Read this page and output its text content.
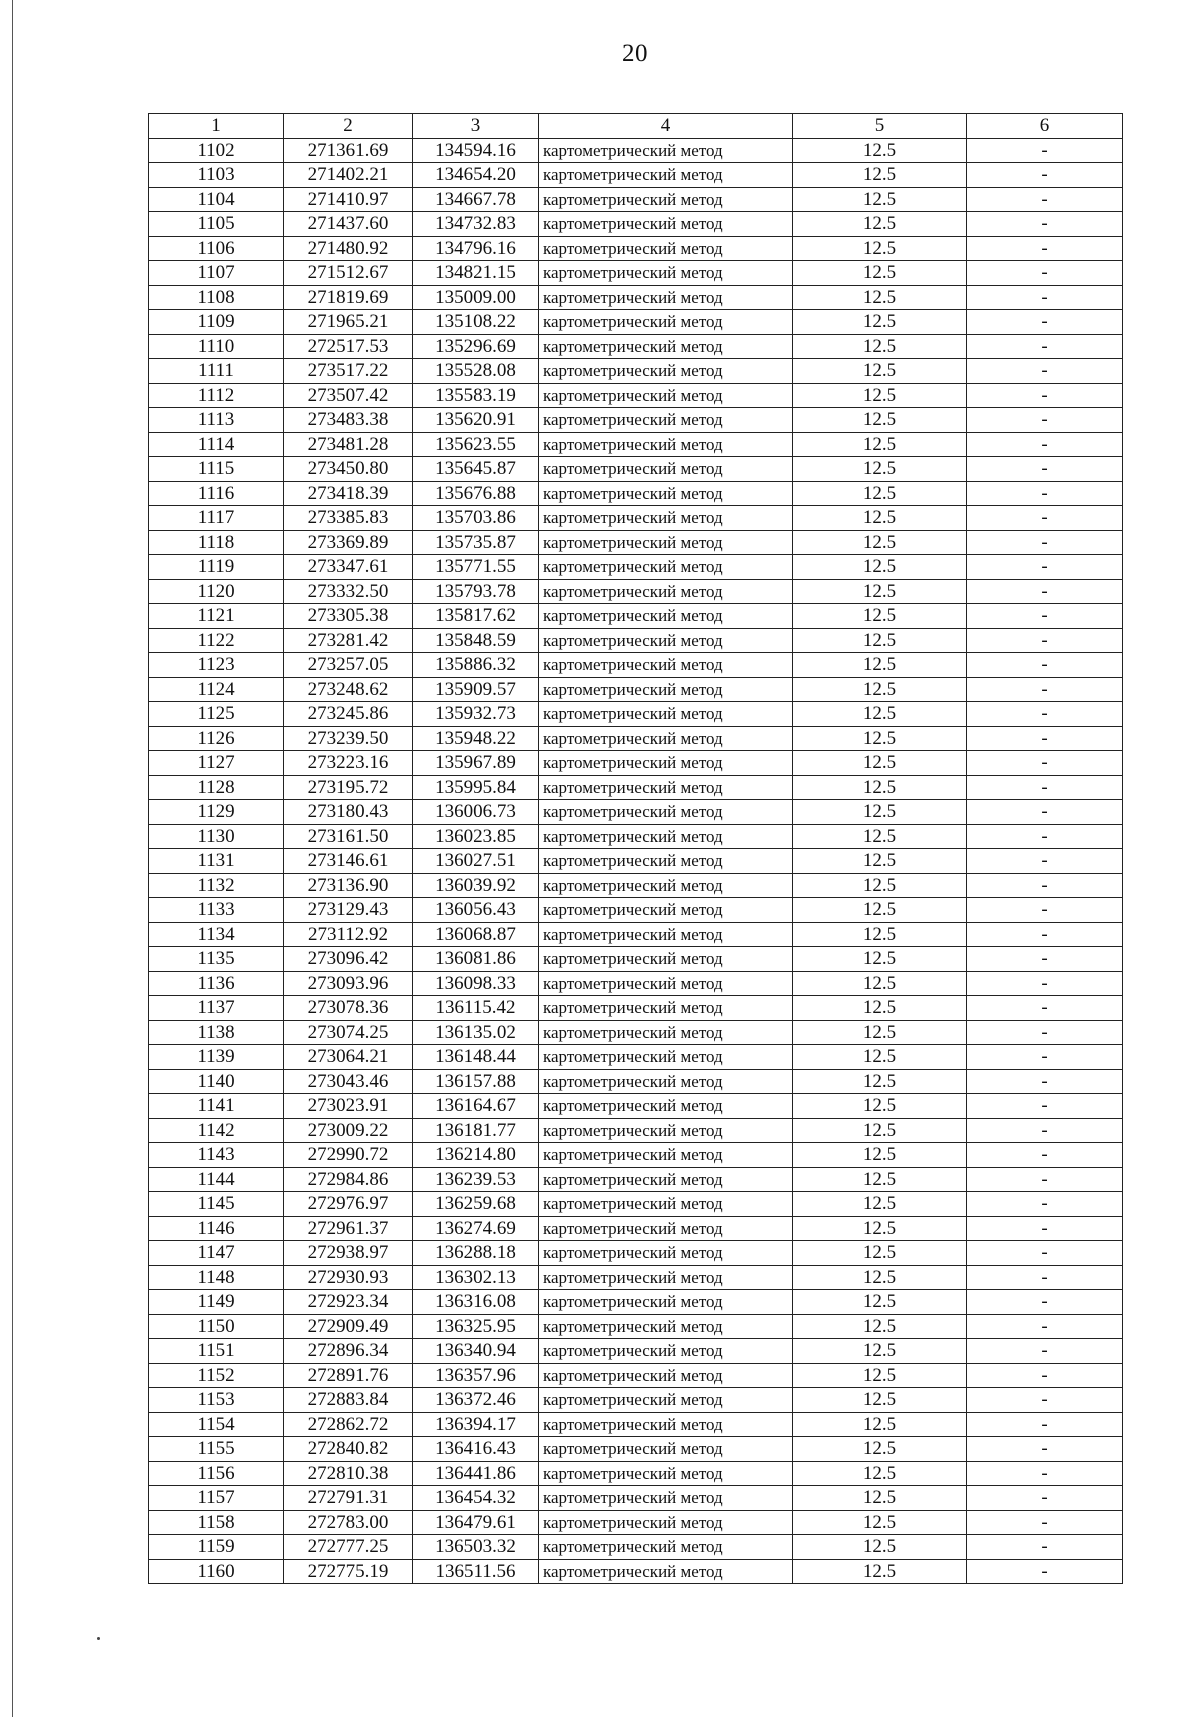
20
1	2	3	4	5	6
1102	271361.69	134594.16	картометрический метод	12.5	-
1103	271402.21	134654.20	картометрический метод	12.5	-
1104	271410.97	134667.78	картометрический метод	12.5	-
1105	271437.60	134732.83	картометрический метод	12.5	-
1106	271480.92	134796.16	картометрический метод	12.5	-
1107	271512.67	134821.15	картометрический метод	12.5	-
1108	271819.69	135009.00	картометрический метод	12.5	-
1109	271965.21	135108.22	картометрический метод	12.5	-
1110	272517.53	135296.69	картометрический метод	12.5	-
1111	273517.22	135528.08	картометрический метод	12.5	-
1112	273507.42	135583.19	картометрический метод	12.5	-
1113	273483.38	135620.91	картометрический метод	12.5	-
1114	273481.28	135623.55	картометрический метод	12.5	-
1115	273450.80	135645.87	картометрический метод	12.5	-
1116	273418.39	135676.88	картометрический метод	12.5	-
1117	273385.83	135703.86	картометрический метод	12.5	-
1118	273369.89	135735.87	картометрический метод	12.5	-
1119	273347.61	135771.55	картометрический метод	12.5	-
1120	273332.50	135793.78	картометрический метод	12.5	-
1121	273305.38	135817.62	картометрический метод	12.5	-
1122	273281.42	135848.59	картометрический метод	12.5	-
1123	273257.05	135886.32	картометрический метод	12.5	-
1124	273248.62	135909.57	картометрический метод	12.5	-
1125	273245.86	135932.73	картометрический метод	12.5	-
1126	273239.50	135948.22	картометрический метод	12.5	-
1127	273223.16	135967.89	картометрический метод	12.5	-
1128	273195.72	135995.84	картометрический метод	12.5	-
1129	273180.43	136006.73	картометрический метод	12.5	-
1130	273161.50	136023.85	картометрический метод	12.5	-
1131	273146.61	136027.51	картометрический метод	12.5	-
1132	273136.90	136039.92	картометрический метод	12.5	-
1133	273129.43	136056.43	картометрический метод	12.5	-
1134	273112.92	136068.87	картометрический метод	12.5	-
1135	273096.42	136081.86	картометрический метод	12.5	-
1136	273093.96	136098.33	картометрический метод	12.5	-
1137	273078.36	136115.42	картометрический метод	12.5	-
1138	273074.25	136135.02	картометрический метод	12.5	-
1139	273064.21	136148.44	картометрический метод	12.5	-
1140	273043.46	136157.88	картометрический метод	12.5	-
1141	273023.91	136164.67	картометрический метод	12.5	-
1142	273009.22	136181.77	картометрический метод	12.5	-
1143	272990.72	136214.80	картометрический метод	12.5	-
1144	272984.86	136239.53	картометрический метод	12.5	-
1145	272976.97	136259.68	картометрический метод	12.5	-
1146	272961.37	136274.69	картометрический метод	12.5	-
1147	272938.97	136288.18	картометрический метод	12.5	-
1148	272930.93	136302.13	картометрический метод	12.5	-
1149	272923.34	136316.08	картометрический метод	12.5	-
1150	272909.49	136325.95	картометрический метод	12.5	-
1151	272896.34	136340.94	картометрический метод	12.5	-
1152	272891.76	136357.96	картометрический метод	12.5	-
1153	272883.84	136372.46	картометрический метод	12.5	-
1154	272862.72	136394.17	картометрический метод	12.5	-
1155	272840.82	136416.43	картометрический метод	12.5	-
1156	272810.38	136441.86	картометрический метод	12.5	-
1157	272791.31	136454.32	картометрический метод	12.5	-
1158	272783.00	136479.61	картометрический метод	12.5	-
1159	272777.25	136503.32	картометрический метод	12.5	-
1160	272775.19	136511.56	картометрический метод	12.5	-
